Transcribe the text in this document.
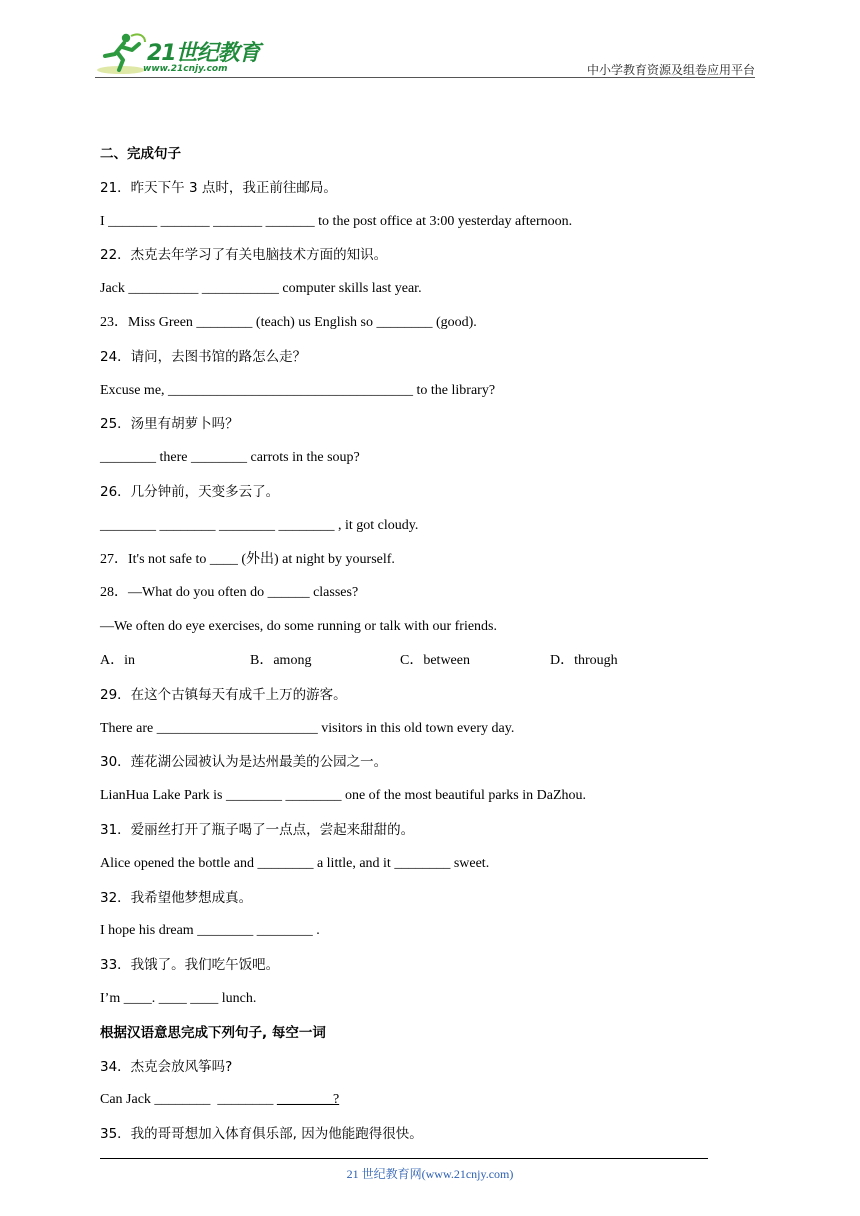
21世纪教育
www.21cnjy.com	中小学教育资源及组卷应用平台
二、完成句子
21．昨天下午 3 点时，我正前往邮局。
I _______ _______ _______ _______ to the post office at 3:00 yesterday afternoon.
22．杰克去年学习了有关电脑技术方面的知识。
Jack __________ ___________ computer skills last year.
23．Miss Green ________ (teach) us English so ________ (good).
24．请问，去图书馆的路怎么走？
Excuse me, ___________________________________ to the library?
25．汤里有胡萝卜吗？
________ there ________ carrots in the soup?
26．几分钟前，天变多云了。
________ ________ ________ ________ , it got cloudy.
27．It's not safe to ____ (外出) at night by yourself.
28．—What do you often do ______ classes?
—We often do eye exercises, do some running or talk with our friends.
A．in	B．among	C．between	D．through
29．在这个古镇每天有成千上万的游客。
There are _______________________ visitors in this old town every day.
30．莲花湖公园被认为是达州最美的公园之一。
LianHua Lake Park is ________ ________ one of the most beautiful parks in DaZhou.
31．爱丽丝打开了瓶子喝了一点点，尝起来甜甜的。
Alice opened the bottle and ________ a little, and it ________ sweet.
32．我希望他梦想成真。
I hope his dream ________ ________ .
33．我饿了。我们吃午饭吧。
I’m ____. ____ ____ lunch.
根据汉语意思完成下列句子, 每空一词
34．杰克会放风筝吗?
Can Jack ________  ________ ________?
35．我的哥哥想加入体育俱乐部, 因为他能跑得很快。
21 世纪教育网(www.21cnjy.com)
